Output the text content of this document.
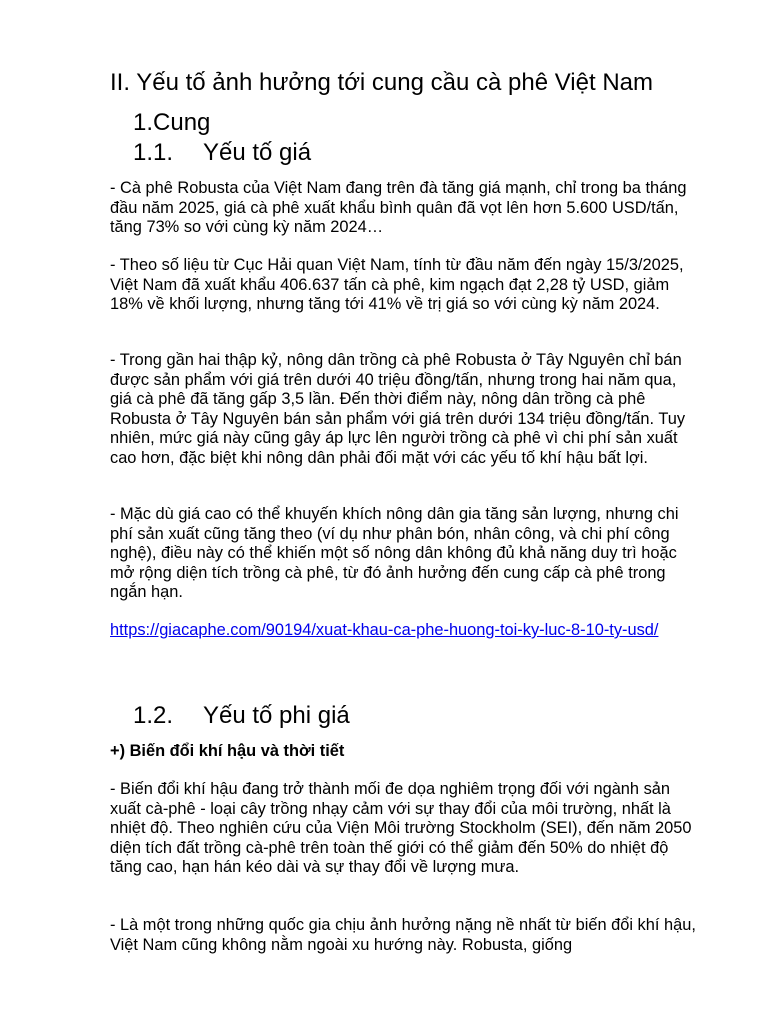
II. Yếu tố ảnh hưởng tới cung cầu cà phê Việt Nam
1.Cung
1.1. Yếu tố giá
- Cà phê Robusta của Việt Nam đang trên đà tăng giá mạnh, chỉ trong ba tháng đầu năm 2025, giá cà phê xuất khẩu bình quân đã vọt lên hơn 5.600 USD/tấn, tăng 73% so với cùng kỳ năm 2024…
- Theo số liệu từ Cục Hải quan Việt Nam, tính từ đầu năm đến ngày 15/3/2025, Việt Nam đã xuất khẩu 406.637 tấn cà phê, kim ngạch đạt 2,28 tỷ USD, giảm 18% về khối lượng, nhưng tăng tới 41% về trị giá so với cùng kỳ năm 2024.
- Trong gần hai thập kỷ, nông dân trồng cà phê Robusta ở Tây Nguyên chỉ bán được sản phẩm với giá trên dưới 40 triệu đồng/tấn, nhưng trong hai năm qua, giá cà phê đã tăng gấp 3,5 lần. Đến thời điểm này, nông dân trồng cà phê Robusta ở Tây Nguyên bán sản phẩm với giá trên dưới 134 triệu đồng/tấn. Tuy nhiên, mức giá này cũng gây áp lực lên người trồng cà phê vì chi phí sản xuất cao hơn, đặc biệt khi nông dân phải đối mặt với các yếu tố khí hậu bất lợi.
- Mặc dù giá cao có thể khuyến khích nông dân gia tăng sản lượng, nhưng chi phí sản xuất cũng tăng theo (ví dụ như phân bón, nhân công, và chi phí công nghệ), điều này có thể khiến một số nông dân không đủ khả năng duy trì hoặc mở rộng diện tích trồng cà phê, từ đó ảnh hưởng đến cung cấp cà phê trong ngắn hạn.
https://giacaphe.com/90194/xuat-khau-ca-phe-huong-toi-ky-luc-8-10-ty-usd/
1.2. Yếu tố phi giá
+) Biến đổi khí hậu và thời tiết
- Biến đổi khí hậu đang trở thành mối đe dọa nghiêm trọng đối với ngành sản xuất cà-phê - loại cây trồng nhạy cảm với sự thay đổi của môi trường, nhất là nhiệt độ. Theo nghiên cứu của Viện Môi trường Stockholm (SEI), đến năm 2050 diện tích đất trồng cà-phê trên toàn thế giới có thể giảm đến 50% do nhiệt độ tăng cao, hạn hán kéo dài và sự thay đổi về lượng mưa.
- Là một trong những quốc gia chịu ảnh hưởng nặng nề nhất từ biến đổi khí hậu, Việt Nam cũng không nằm ngoài xu hướng này. Robusta, giống
